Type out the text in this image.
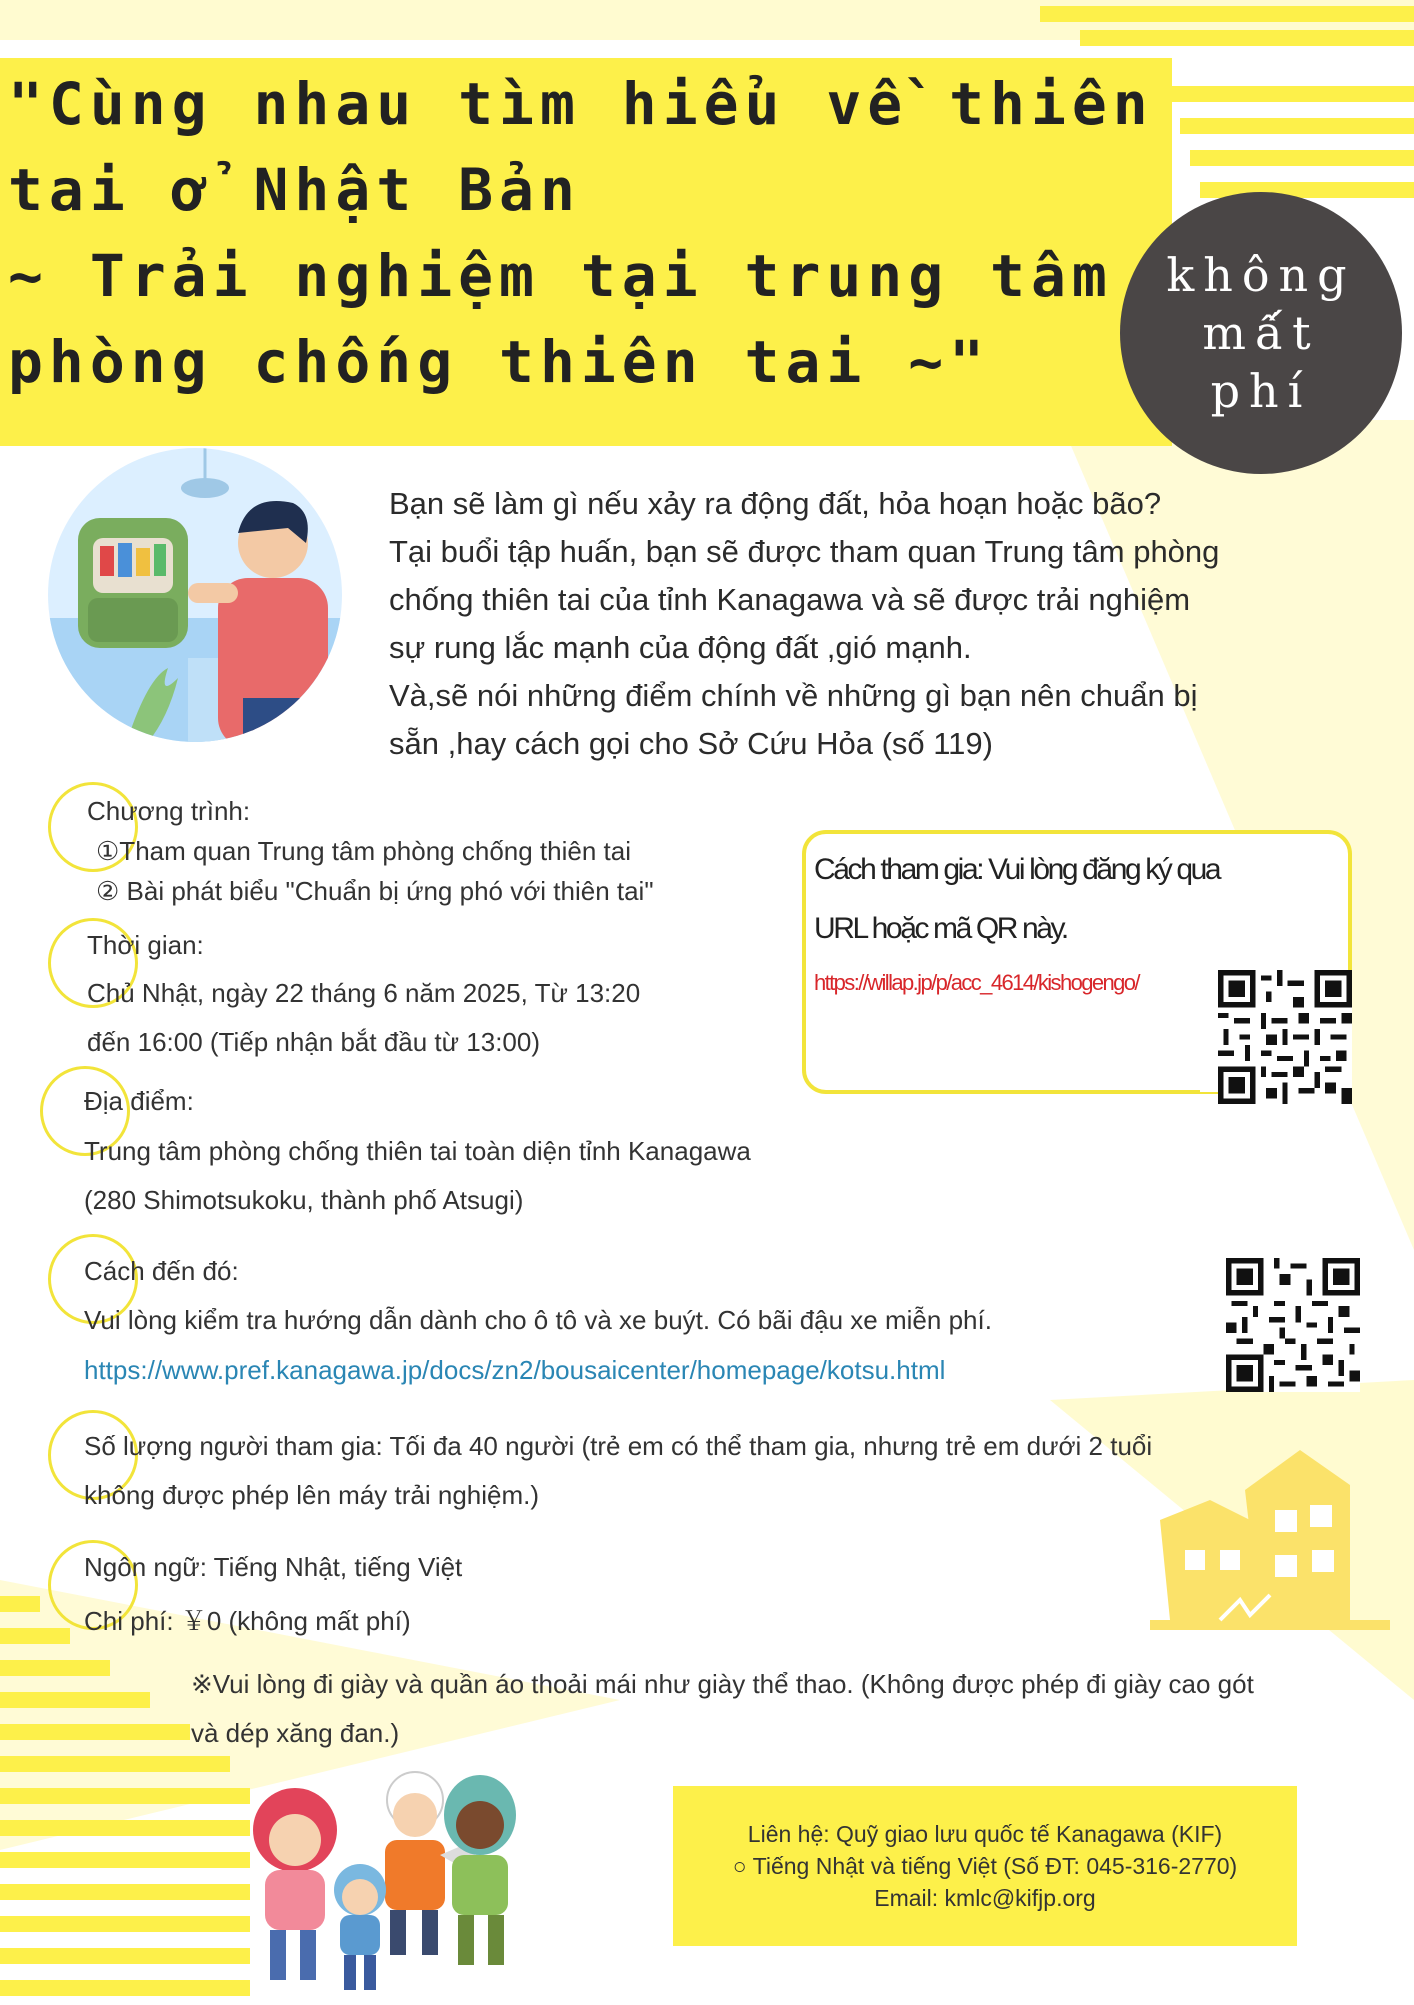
"Cùng nhau tìm hiểu về thiên
tai ở Nhật Bản
~ Trải nghiệm tại trung tâm
phòng chống thiên tai ~"
không
mấ́t
phí
Bạn sẽ làm gì nếu xảy ra động đất, hỏa hoạn hoặc bão?
Tại buổi tập huấn, bạn sẽ được tham quan Trung tâm phòng
chống thiên tai của tỉnh Kanagawa và sẽ được trải nghiệm
sự rung lắc mạnh của động đất ,gió mạnh.
Và,sẽ nói những điểm chính về những gì bạn nên chuẩn bị
sẵn ,hay cách gọi cho Sở Cứu Hỏa (số 119)
Chương trình:
①Tham quan Trung tâm phòng chống thiên tai
② Bài phát biểu "Chuẩn bị ứng phó với thiên tai"
Thời gian:
Chủ Nhật, ngày 22 tháng 6 năm 2025, Từ 13:20
đến 16:00 (Tiếp nhận bắt đầu từ 13:00)
Địa điểm:
Trung tâm phòng chống thiên tai toàn diện tỉnh Kanagawa
(280 Shimotsukoku, thành phố Atsugi)
Cách đến đó:
Vui lòng kiểm tra hướng dẫn dành cho ô tô và xe buýt. Có bãi đậu xe miễn phí.
https://www.pref.kanagawa.jp/docs/zn2/bousaicenter/homepage/kotsu.html
Số lượng người tham gia: Tối đa 40 người (trẻ em có thể tham gia, nhưng trẻ em dưới 2 tuổi
không được phép lên máy trải nghiệm.)
Ngôn ngữ: Tiếng Nhật, tiếng Việt
Chi phí: ￥0 (không mất phí)
※Vui lòng đi giày và quần áo thoải mái như giày thể thao. (Không được phép đi giày cao gót
và dép xăng đan.)
Cách tham gia: Vui lòng đăng ký qua
URL hoặc mã QR này.
https://willap.jp/p/acc_4614/kishogengo/
Liên hệ: Quỹ giao lưu quốc tế Kanagawa (KIF)
○ Tiếng Nhật và tiếng Việt (Số ĐT: 045-316-2770)
Email: kmlc@kifjp.org
